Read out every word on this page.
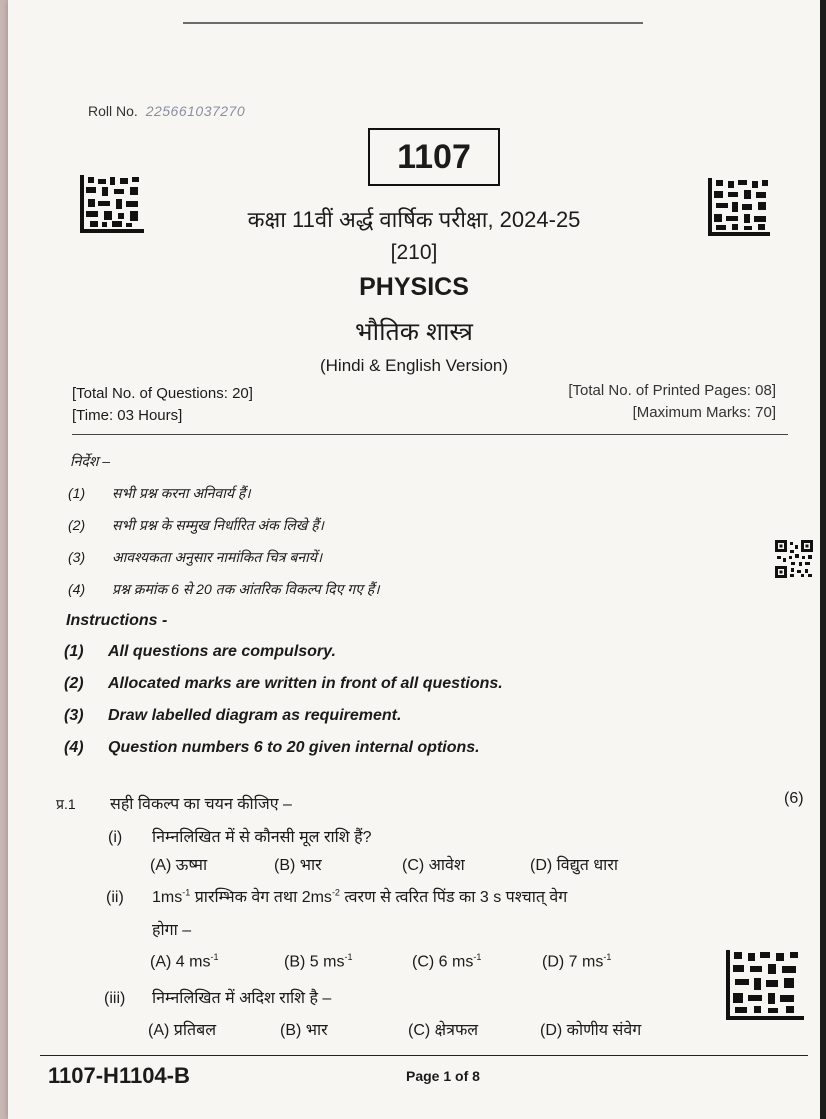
Roll No. 225661037270
1107
कक्षा 11वीं अर्द्ध वार्षिक परीक्षा, 2024-25
[210]
PHYSICS
भौतिक शास्त्र
(Hindi & English Version)
[Total No. of Questions: 20]
[Time: 03 Hours]
[Total No. of Printed Pages: 08]
[Maximum Marks: 70]
निर्देश –
(1) सभी प्रश्न करना अनिवार्य हैं।
(2) सभी प्रश्न के सम्मुख निर्धारित अंक लिखे हैं।
(3) आवश्यकता अनुसार नामांकित चित्र बनायें।
(4) प्रश्न क्रमांक 6 से 20 तक आंतरिक विकल्प दिए गए हैं।
Instructions -
(1) All questions are compulsory.
(2) Allocated marks are written in front of all questions.
(3) Draw labelled diagram as requirement.
(4) Question numbers 6 to 20 given internal options.
प्र.1 सही विकल्प का चयन कीजिए –	(6)
(i) निम्नलिखित में से कौनसी मूल राशि हैं?
(A) ऊष्मा	(B) भार	(C) आवेश	(D) विद्युत धारा
(ii) $1ms^{-1}$ प्रारम्भिक वेग तथा $2ms^{-2}$ त्वरण से त्वरित पिंड का 3 s पश्चात् वेग
होगा –
(A) 4 $ms^{-1}$	(B) 5 $ms^{-1}$	(C) 6 $ms^{-1}$	(D) 7 $ms^{-1}$
(iii) निम्नलिखित में अदिश राशि है –
(A) प्रतिबल	(B) भार	(C) क्षेत्रफल	(D) कोणीय संवेग
1107-H1104-B	Page 1 of 8
